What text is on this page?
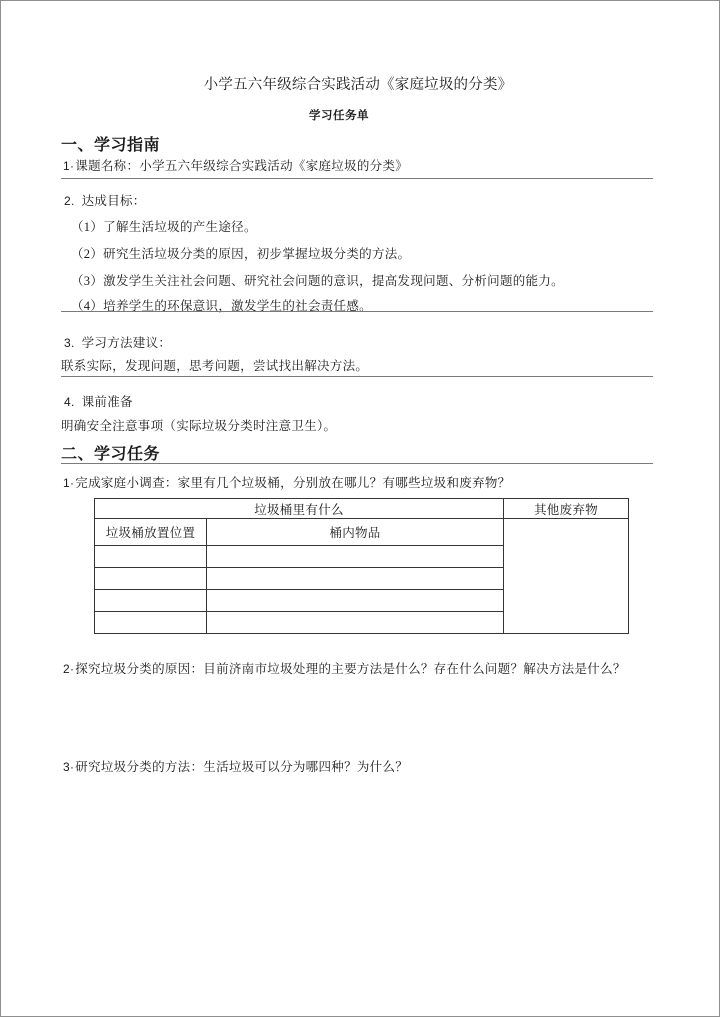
小学五六年级综合实践活动《家庭垃圾的分类》
学习任务单
一、学习指南
1·课题名称：小学五六年级综合实践活动《家庭垃圾的分类》
2. 达成目标：
（1）了解生活垃圾的产生途径。
（2）研究生活垃圾分类的原因，初步掌握垃圾分类的方法。
（3）激发学生关注社会问题、研究社会问题的意识，提高发现问题、分析问题的能力。
（4）培养学生的环保意识，激发学生的社会责任感。
3. 学习方法建议：
联系实际，发现问题，思考问题，尝试找出解决方法。
4. 课前准备
明确安全注意事项（实际垃圾分类时注意卫生）。
二、学习任务
1·完成家庭小调查：家里有几个垃圾桶，分别放在哪儿？有哪些垃圾和废弃物？
垃圾桶里有什么		其他废弃物
垃圾桶放置位置	桶内物品	

2·探究垃圾分类的原因：目前济南市垃圾处理的主要方法是什么？存在什么问题？解决方法是什么？
3·研究垃圾分类的方法：生活垃圾可以分为哪四种？为什么？
